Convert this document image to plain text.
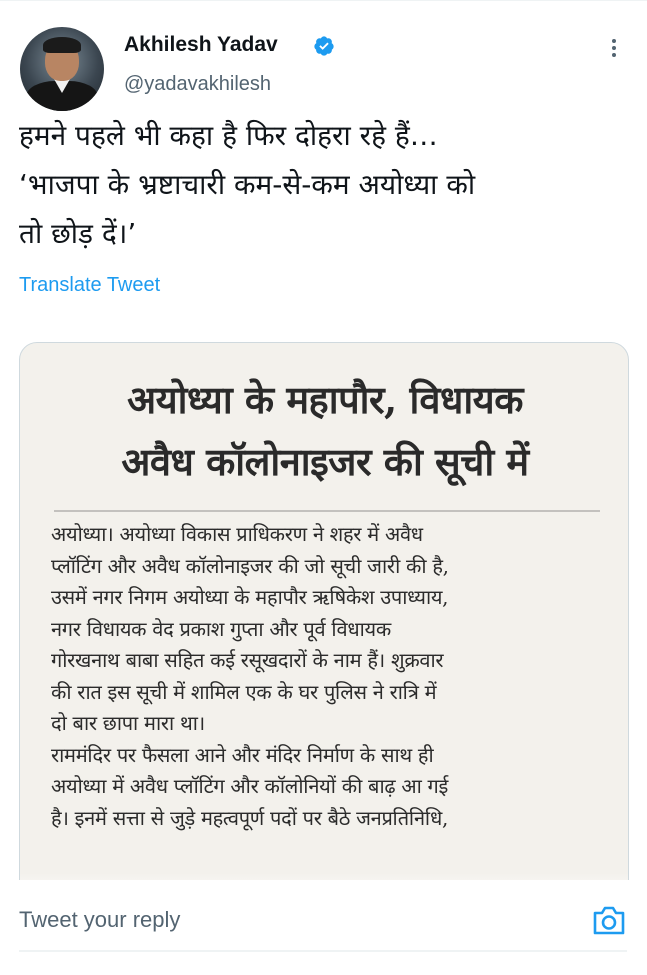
Akhilesh Yadav
@yadavakhilesh
हमने पहले भी कहा है फिर दोहरा रहे हैं…
‘भाजपा के भ्रष्टाचारी कम-से-कम अयोध्या को
तो छोड़ दें।’
Translate Tweet
अयोध्या के महापौर, विधायक
अवैध कॉलोनाइजर की सूची में
अयोध्या। अयोध्या विकास प्राधिकरण ने शहर में अवैध
प्लॉटिंग और अवैध कॉलोनाइजर की जो सूची जारी की है,
उसमें नगर निगम अयोध्या के महापौर ऋषिकेश उपाध्याय,
नगर विधायक वेद प्रकाश गुप्ता और पूर्व विधायक
गोरखनाथ बाबा सहित कई रसूखदारों के नाम हैं। शुक्रवार
की रात इस सूची में शामिल एक के घर पुलिस ने रात्रि में
दो बार छापा मारा था।
राममंदिर पर फैसला आने और मंदिर निर्माण के साथ ही
अयोध्या में अवैध प्लॉटिंग और कॉलोनियों की बाढ़ आ गई
है। इनमें सत्ता से जुड़े महत्वपूर्ण पदों पर बैठे जनप्रतिनिधि,
Tweet your reply
